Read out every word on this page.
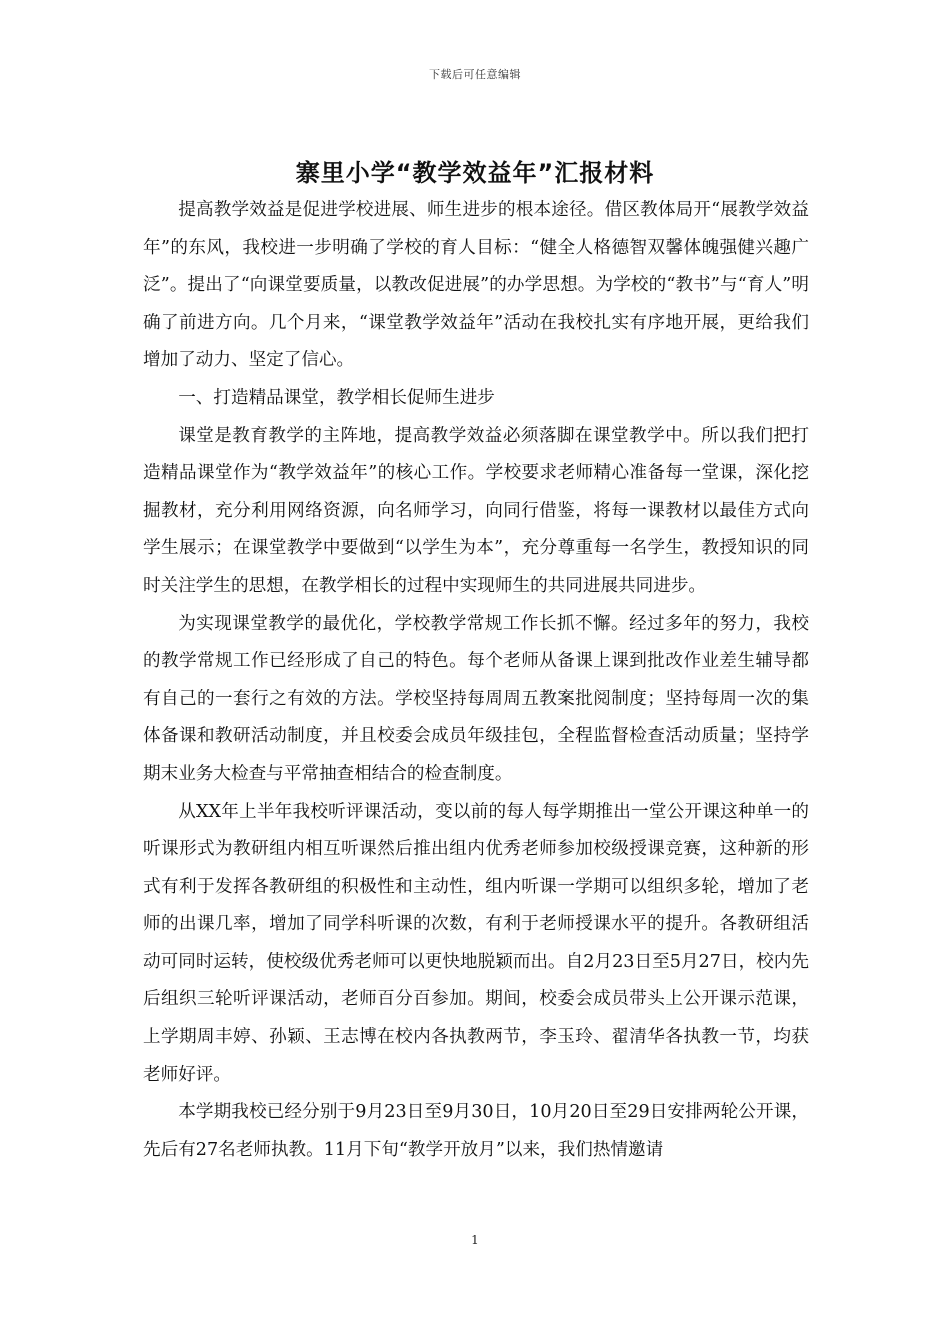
下载后可任意编辑
寨里小学“教学效益年”汇报材料

提高教学效益是促进学校进展、师生进步的根本途径。借区教体局开“展教学效益年”的东风，我校进一步明确了学校的育人目标：“健全人格德智双馨体魄强健兴趣广泛”。提出了“向课堂要质量，以教改促进展”的办学思想。为学校的“教书”与“育人”明确了前进方向。几个月来，“课堂教学效益年”活动在我校扎实有序地开展，更给我们增加了动力、坚定了信心。

一、打造精品课堂，教学相长促师生进步

课堂是教育教学的主阵地，提高教学效益必须落脚在课堂教学中。所以我们把打造精品课堂作为“教学效益年”的核心工作。学校要求老师精心准备每一堂课，深化挖掘教材，充分利用网络资源，向名师学习，向同行借鉴，将每一课教材以最佳方式向学生展示；在课堂教学中要做到“以学生为本”，充分尊重每一名学生，教授知识的同时关注学生的思想，在教学相长的过程中实现师生的共同进展共同进步。

为实现课堂教学的最优化，学校教学常规工作长抓不懈。经过多年的努力，我校的教学常规工作已经形成了自己的特色。每个老师从备课上课到批改作业差生辅导都有自己的一套行之有效的方法。学校坚持每周周五教案批阅制度；坚持每周一次的集体备课和教研活动制度，并且校委会成员年级挂包，全程监督检查活动质量；坚持学期末业务大检查与平常抽查相结合的检查制度。

从XX年上半年我校听评课活动，变以前的每人每学期推出一堂公开课这种单一的听课形式为教研组内相互听课然后推出组内优秀老师参加校级授课竞赛，这种新的形式有利于发挥各教研组的积极性和主动性，组内听课一学期可以组织多轮，增加了老师的出课几率，增加了同学科听课的次数，有利于老师授课水平的提升。各教研组活动可同时运转，使校级优秀老师可以更快地脱颖而出。自2月23日至5月27日，校内先后组织三轮听评课活动，老师百分百参加。期间，校委会成员带头上公开课示范课，上学期周丰婷、孙颖、王志博在校内各执教两节，李玉玲、翟清华各执教一节，均获老师好评。

本学期我校已经分别于9月23日至9月30日，10月20日至29日安排两轮公开课，先后有27名老师执教。11月下旬“教学开放月”以来，我们热情邀请

1
